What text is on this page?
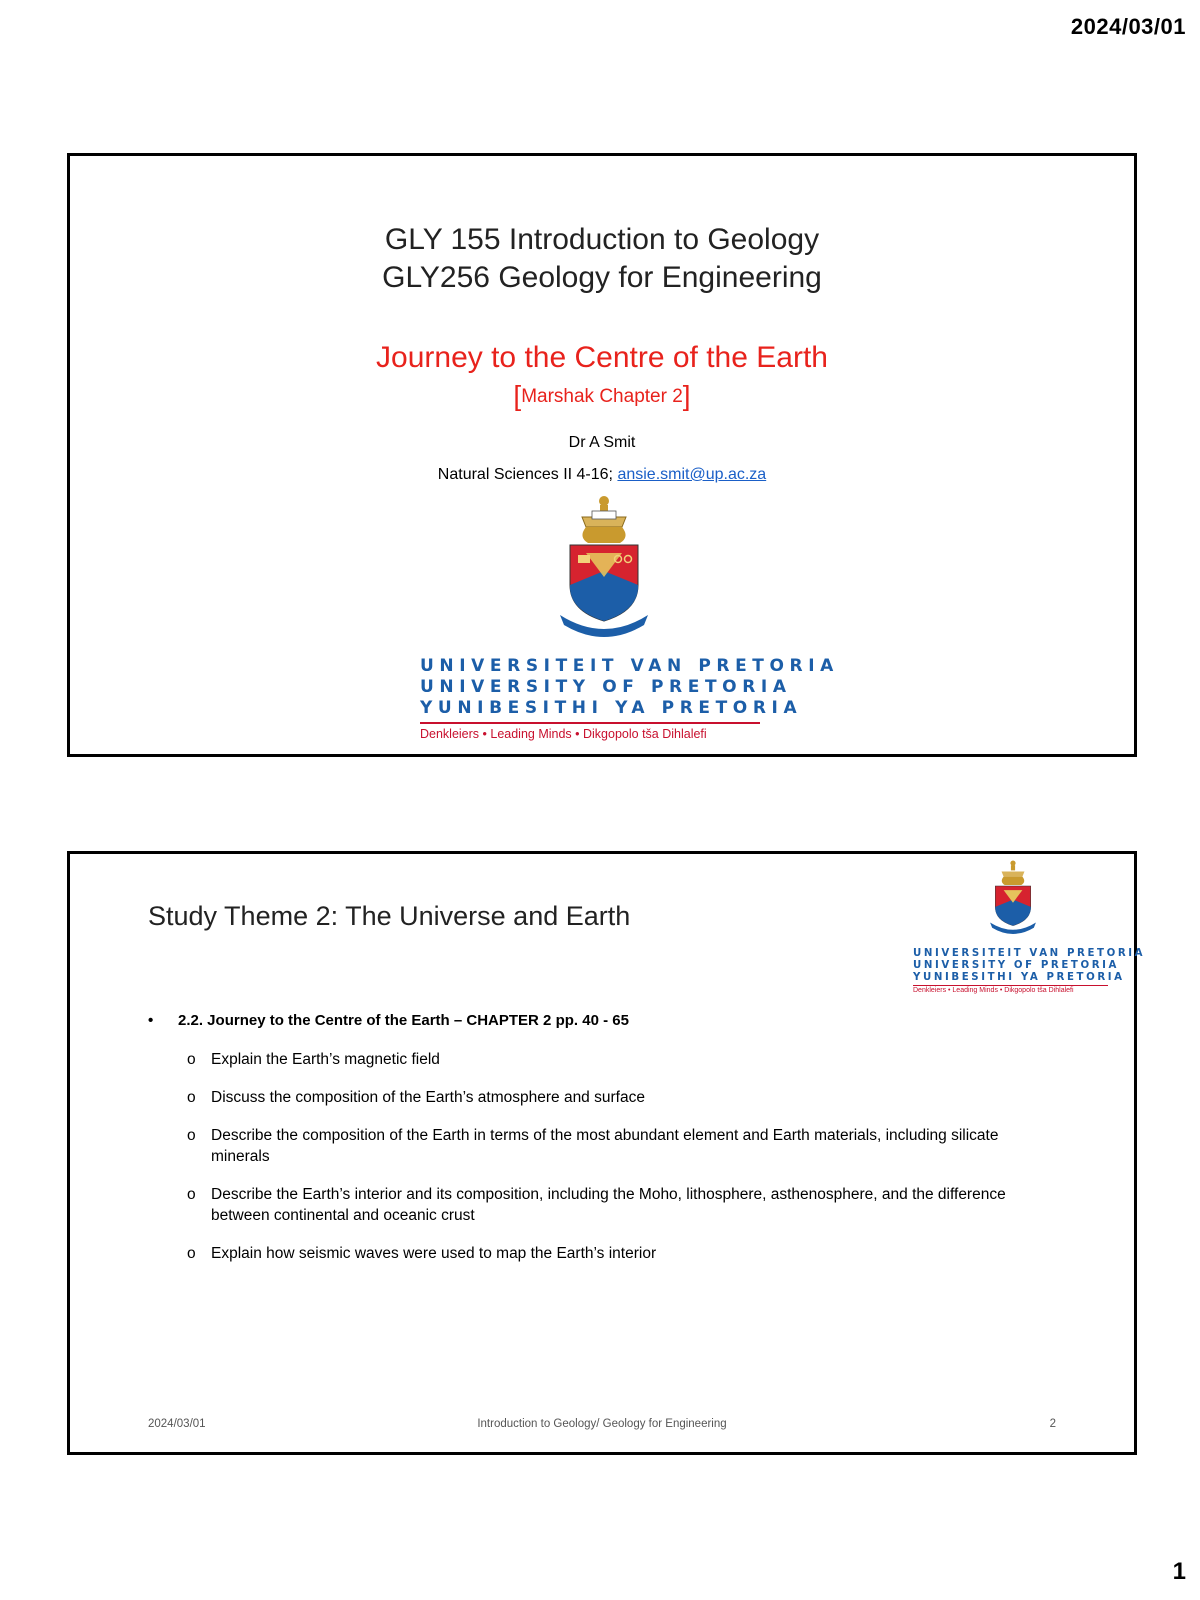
2024/03/01
GLY 155 Introduction to Geology
GLY256 Geology for Engineering
Journey to the Centre of the Earth
[Marshak Chapter 2]
Dr A Smit
Natural Sciences II 4-16; ansie.smit@up.ac.za
UNIVERSITEIT VAN PRETORIA
UNIVERSITY OF PRETORIA
YUNIBESITHI YA PRETORIA
Denkleiers • Leading Minds • Dikgopolo tša Dihlalefi
Study Theme 2: The Universe and Earth
UNIVERSITEIT VAN PRETORIA
UNIVERSITY OF PRETORIA
YUNIBESITHI YA PRETORIA
Denkleiers • Leading Minds • Dikgopolo tša Dihlalefi
• 2.2. Journey to the Centre of the Earth – CHAPTER 2 pp. 40 - 65
o Explain the Earth’s magnetic field
o Discuss the composition of the Earth’s atmosphere and surface
o Describe the composition of the Earth in terms of the most abundant element and Earth materials, including silicate minerals
o Describe the Earth’s interior and its composition, including the Moho, lithosphere, asthenosphere, and the difference between continental and oceanic crust
o Explain how seismic waves were used to map the Earth’s interior
2024/03/01	Introduction to Geology/ Geology for Engineering	2
1
